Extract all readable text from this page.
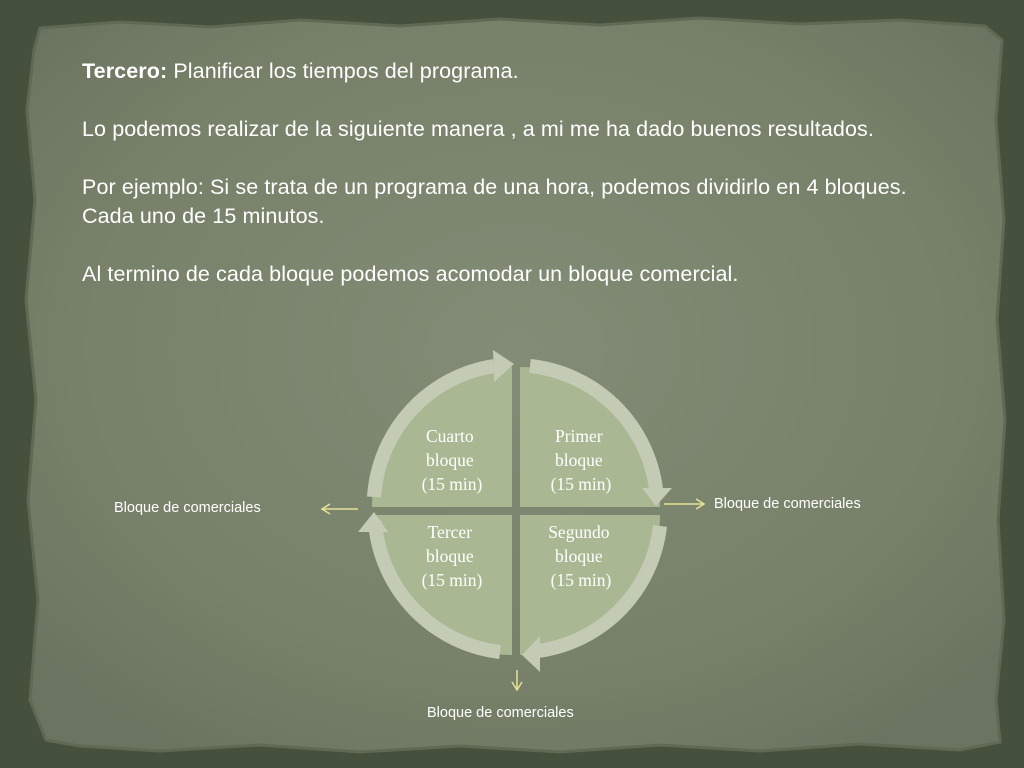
Tercero: Planificar los tiempos del programa.

Lo podemos realizar de la siguiente manera , a mi me ha dado buenos resultados.

Por ejemplo: Si se trata de un programa de una hora, podemos dividirlo en 4 bloques. Cada uno de 15 minutos.

Al termino de cada bloque podemos acomodar un bloque comercial.

Cuarto bloque (15 min)
Primer bloque (15 min)
Tercer bloque (15 min)
Segundo bloque (15 min)
Bloque de comerciales	Bloque de comerciales
Bloque de comerciales
